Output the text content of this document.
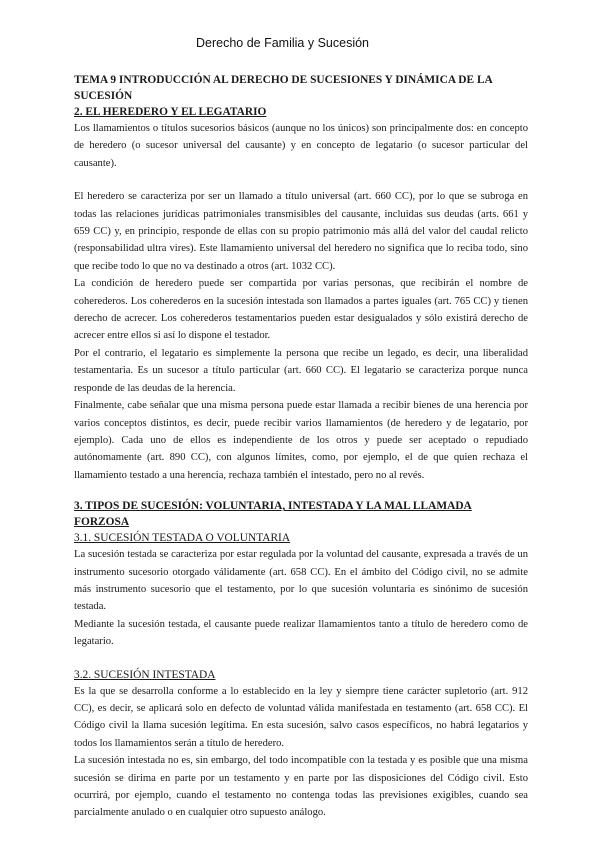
Derecho de Familia y Sucesión
TEMA 9 INTRODUCCIÓN AL DERECHO DE SUCESIONES Y DINÁMICA DE LA SUCESIÓN
2. EL HEREDERO Y EL LEGATARIO

Los llamamientos o títulos sucesorios básicos (aunque no los únicos) son principalmente dos: en concepto de heredero (o sucesor universal del causante) y en concepto de legatario (o sucesor particular del causante).

El heredero se caracteriza por ser un llamado a título universal (art. 660 CC), por lo que se subroga en todas las relaciones jurídicas patrimoniales transmisibles del causante, incluidas sus deudas (arts. 661 y 659 CC) y, en principio, responde de ellas con su propio patrimonio más allá del valor del caudal relicto (responsabilidad ultra vires). Este llamamiento universal del heredero no significa que lo reciba todo, sino que recibe todo lo que no va destinado a otros (art. 1032 CC).

La condición de heredero puede ser compartida por varias personas, que recibirán el nombre de coherederos. Los coherederos en la sucesión intestada son llamados a partes iguales (art. 765 CC) y tienen derecho de acrecer. Los coherederos testamentarios pueden estar desigualados y sólo existirá derecho de acrecer entre ellos si así lo dispone el testador.

Por el contrario, el legatario es simplemente la persona que recibe un legado, es decir, una liberalidad testamentaria. Es un sucesor a título particular (art. 660 CC). El legatario se caracteriza porque nunca responde de las deudas de la herencia.

Finalmente, cabe señalar que una misma persona puede estar llamada a recibir bienes de una herencia por varios conceptos distintos, es decir, puede recibir varios llamamientos (de heredero y de legatario, por ejemplo). Cada uno de ellos es independiente de los otros y puede ser aceptado o repudiado autónomamente (art. 890 CC), con algunos límites, como, por ejemplo, el de que quien rechaza el llamamiento testado a una herencia, rechaza también el intestado, pero no al revés.

3. TIPOS DE SUCESIÓN: VOLUNTARIA, INTESTADA Y LA MAL LLAMADA FORZOSA
3.1. SUCESIÓN TESTADA O VOLUNTARIA

La sucesión testada se caracteriza por estar regulada por la voluntad del causante, expresada a través de un instrumento sucesorio otorgado válidamente (art. 658 CC). En el ámbito del Código civil, no se admite más instrumento sucesorio que el testamento, por lo que sucesión voluntaria es sinónimo de sucesión testada.

Mediante la sucesión testada, el causante puede realizar llamamientos tanto a título de heredero como de legatario.

3.2. SUCESIÓN INTESTADA

Es la que se desarrolla conforme a lo establecido en la ley y siempre tiene carácter supletorio (art. 912 CC), es decir, se aplicará solo en defecto de voluntad válida manifestada en testamento (art. 658 CC). El Código civil la llama sucesión legítima. En esta sucesión, salvo casos específicos, no habrá legatarios y todos los llamamientos serán a título de heredero.

La sucesión intestada no es, sin embargo, del todo incompatible con la testada y es posible que una misma sucesión se dirima en parte por un testamento y en parte por las disposiciones del Código civil. Esto ocurrirá, por ejemplo, cuando el testamento no contenga todas las previsiones exigibles, cuando sea parcialmente anulado o en cualquier otro supuesto análogo.
